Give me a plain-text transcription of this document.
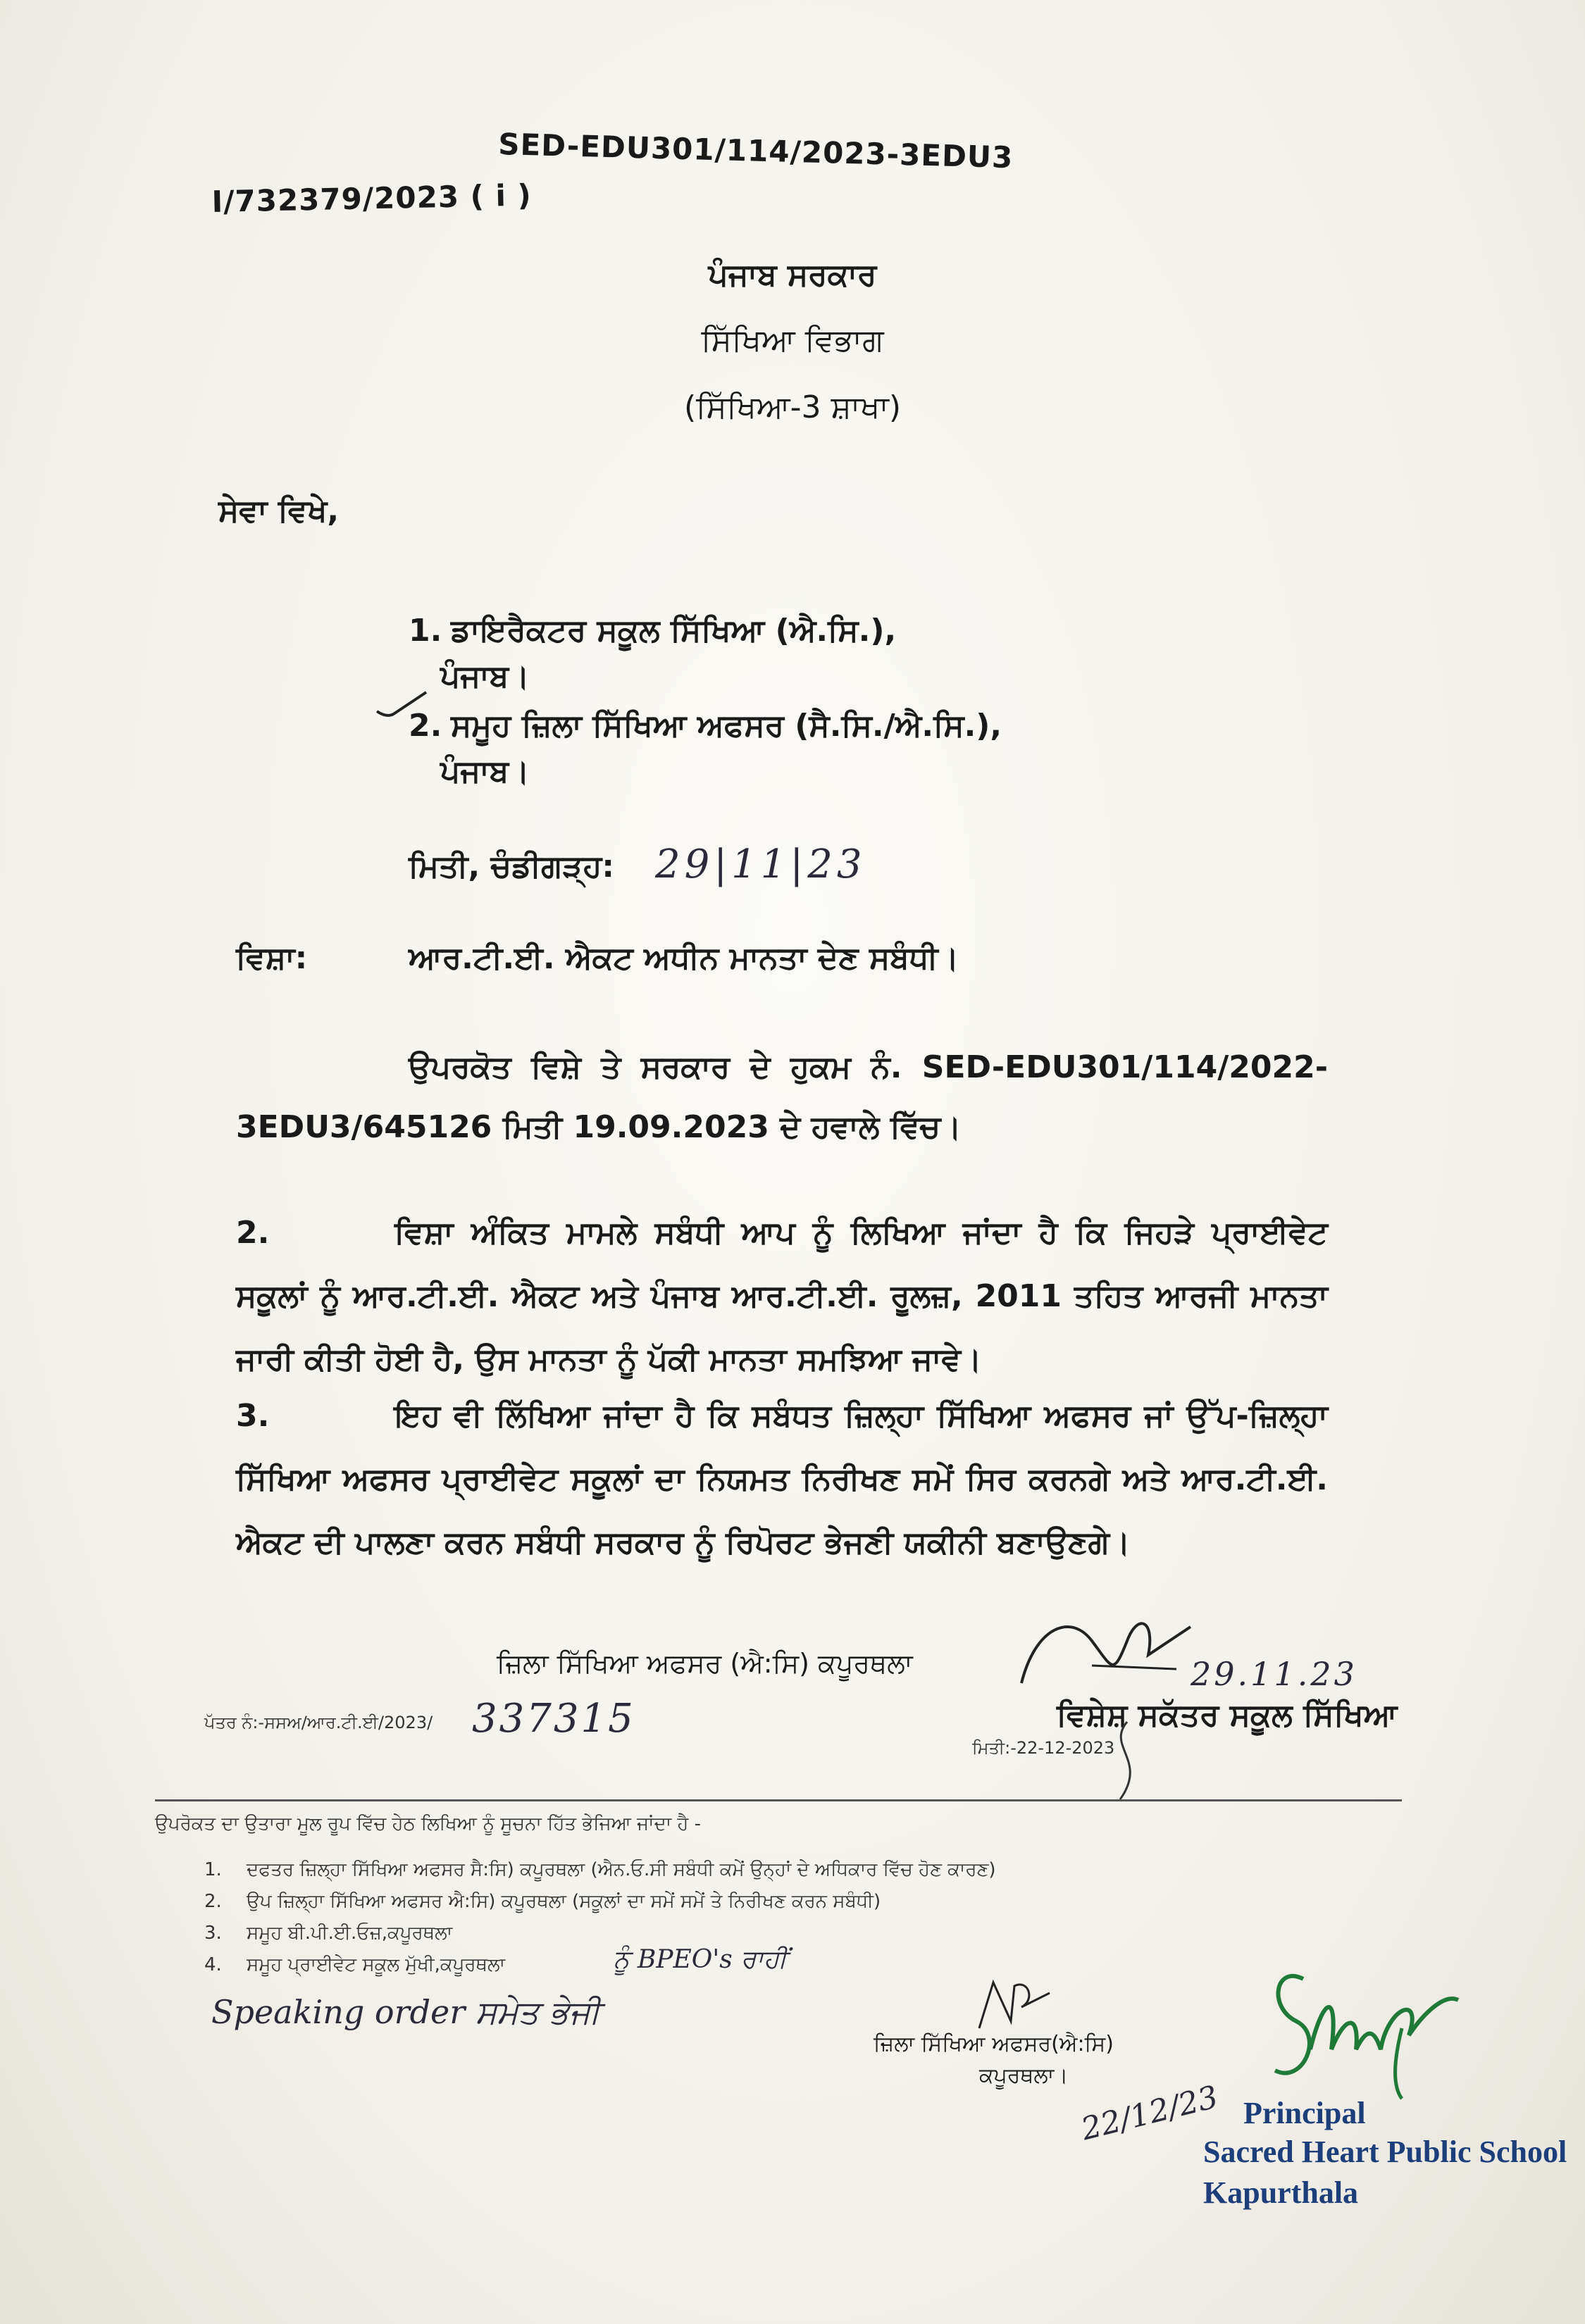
I/732379/2023 ( i )
SED-EDU301/114/2023-3EDU3
ਪੰਜਾਬ ਸਰਕਾਰ
ਸਿੱਖਿਆ ਵਿਭਾਗ
(ਸਿੱਖਿਆ-3 ਸ਼ਾਖਾ)
ਸੇਵਾ ਵਿਖੇ,
1. ਡਾਇਰੈਕਟਰ ਸਕੂਲ ਸਿੱਖਿਆ (ਐ.ਸਿ.),
ਪੰਜਾਬ।
2. ਸਮੂਹ ਜ਼ਿਲਾ ਸਿੱਖਿਆ ਅਫਸਰ (ਸੈ.ਸਿ./ਐ.ਸਿ.),
ਪੰਜਾਬ।
ਮਿਤੀ, ਚੰਡੀਗੜ੍ਹ: 29|11|23
ਵਿਸ਼ਾ:	ਆਰ.ਟੀ.ਈ. ਐਕਟ ਅਧੀਨ ਮਾਨਤਾ ਦੇਣ ਸਬੰਧੀ।
ਉਪਰਕੋਤ ਵਿਸ਼ੇ ਤੇ ਸਰਕਾਰ ਦੇ ਹੁਕਮ ਨੰ. SED-EDU301/114/2022-
3EDU3/645126 ਮਿਤੀ 19.09.2023 ਦੇ ਹਵਾਲੇ ਵਿੱਚ।
2.	ਵਿਸ਼ਾ ਅੰਕਿਤ ਮਾਮਲੇ ਸਬੰਧੀ ਆਪ ਨੂੰ ਲਿਖਿਆ ਜਾਂਦਾ ਹੈ ਕਿ ਜਿਹੜੇ ਪ੍ਰਾਈਵੇਟ
ਸਕੂਲਾਂ ਨੂੰ ਆਰ.ਟੀ.ਈ. ਐਕਟ ਅਤੇ ਪੰਜਾਬ ਆਰ.ਟੀ.ਈ. ਰੂਲਜ਼, 2011 ਤਹਿਤ ਆਰਜੀ ਮਾਨਤਾ
ਜਾਰੀ ਕੀਤੀ ਹੋਈ ਹੈ, ਉਸ ਮਾਨਤਾ ਨੂੰ ਪੱਕੀ ਮਾਨਤਾ ਸਮਝਿਆ ਜਾਵੇ।
3.	ਇਹ ਵੀ ਲਿੱਖਿਆ ਜਾਂਦਾ ਹੈ ਕਿ ਸਬੰਧਤ ਜ਼ਿਲ੍ਹਾ ਸਿੱਖਿਆ ਅਫਸਰ ਜਾਂ ਉੱਪ-ਜ਼ਿਲ੍ਹਾ
ਸਿੱਖਿਆ ਅਫਸਰ ਪ੍ਰਾਈਵੇਟ ਸਕੂਲਾਂ ਦਾ ਨਿਯਮਤ ਨਿਰੀਖਣ ਸਮੇਂ ਸਿਰ ਕਰਨਗੇ ਅਤੇ ਆਰ.ਟੀ.ਈ.
ਐਕਟ ਦੀ ਪਾਲਣਾ ਕਰਨ ਸਬੰਧੀ ਸਰਕਾਰ ਨੂੰ ਰਿਪੋਰਟ ਭੇਜਣੀ ਯਕੀਨੀ ਬਣਾਉਣਗੇ।
ਜ਼ਿਲਾ ਸਿੱਖਿਆ ਅਫਸਰ (ਐ:ਸਿ) ਕਪੂਰਥਲਾ	29.11.23
ਪੱਤਰ ਨੰ:-ਸਸਅ/ਆਰ.ਟੀ.ਈ/2023/ 337315	ਵਿਸ਼ੇਸ਼ ਸਕੱਤਰ ਸਕੂਲ ਸਿੱਖਿਆ
ਮਿਤੀ:-22-12-2023
ਉਪਰੋਕਤ ਦਾ ਉਤਾਰਾ ਮੂਲ ਰੂਪ ਵਿੱਚ ਹੇਠ ਲਿਖਿਆ ਨੂੰ ਸੂਚਨਾ ਹਿੱਤ ਭੇਜਿਆ ਜਾਂਦਾ ਹੈ -
1. ਦਫਤਰ ਜ਼ਿਲ੍ਹਾ ਸਿੱਖਿਆ ਅਫਸਰ ਸੈ:ਸਿ) ਕਪੂਰਥਲਾ (ਐਨ.ਓ.ਸੀ ਸਬੰਧੀ ਕਮੇਂ ਉਨ੍ਹਾਂ ਦੇ ਅਧਿਕਾਰ ਵਿੱਚ ਹੋਣ ਕਾਰਣ)
2. ਉਪ ਜ਼ਿਲ੍ਹਾ ਸਿੱਖਿਆ ਅਫਸਰ ਐ:ਸਿ) ਕਪੂਰਥਲਾ (ਸਕੂਲਾਂ ਦਾ ਸਮੇਂ ਸਮੇਂ ਤੇ ਨਿਰੀਖਣ ਕਰਨ ਸਬੰਧੀ)
3. ਸਮੂਹ ਬੀ.ਪੀ.ਈ.ਓਜ਼,ਕਪੂਰਥਲਾ
4. ਸਮੂਹ ਪ੍ਰਾਈਵੇਟ ਸਕੂਲ ਮੁੱਖੀ,ਕਪੂਰਥਲਾ	ਨੂੰ BPEO's ਰਾਹੀਂ
Speaking order ਸਮੇਤ ਭੇਜੀ
ਜ਼ਿਲਾ ਸਿੱਖਿਆ ਅਫਸਰ(ਐ:ਸਿ)
ਕਪੂਰਥਲਾ।
22/12/23 Principal
Sacred Heart Public School
Kapurthala
